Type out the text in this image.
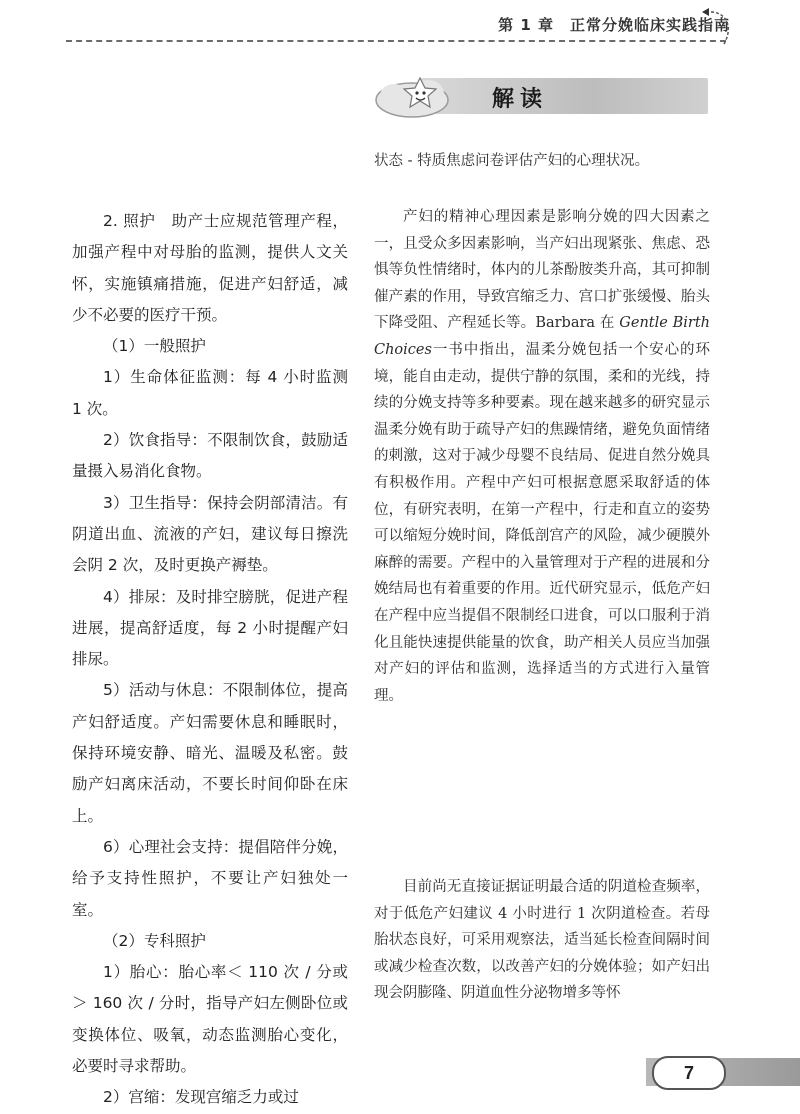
第 1 章　正常分娩临床实践指南
解读

2. 照护　助产士应规范管理产程，加强产程中对母胎的监测，提供人文关怀，实施镇痛措施，促进产妇舒适，减少不必要的医疗干预。

（1）一般照护

1）生命体征监测：每 4 小时监测 1 次。

2）饮食指导：不限制饮食，鼓励适量摄入易消化食物。

3）卫生指导：保持会阴部清洁。有阴道出血、流液的产妇，建议每日擦洗会阴 2 次，及时更换产褥垫。

4）排尿：及时排空膀胱，促进产程进展，提高舒适度，每 2 小时提醒产妇排尿。

5）活动与休息：不限制体位，提高产妇舒适度。产妇需要休息和睡眠时，保持环境安静、暗光、温暖及私密。鼓励产妇离床活动，不要长时间仰卧在床上。

6）心理社会支持：提倡陪伴分娩，给予支持性照护，不要让产妇独处一室。

（2）专科照护

1）胎心：胎心率＜ 110 次 / 分或＞ 160 次 / 分时，指导产妇左侧卧位或变换体位、吸氧，动态监测胎心变化，必要时寻求帮助。

2）宫缩：发现宫缩乏力或过

状态 - 特质焦虑问卷评估产妇的心理状况。

产妇的精神心理因素是影响分娩的四大因素之一，且受众多因素影响，当产妇出现紧张、焦虑、恐惧等负性情绪时，体内的儿茶酚胺类升高，其可抑制催产素的作用，导致宫缩乏力、宫口扩张缓慢、胎头下降受阻、产程延长等。Barbara 在 Gentle Birth Choices一书中指出，温柔分娩包括一个安心的环境，能自由走动，提供宁静的氛围，柔和的光线，持续的分娩支持等多种要素。现在越来越多的研究显示温柔分娩有助于疏导产妇的焦躁情绪，避免负面情绪的刺激，这对于减少母婴不良结局、促进自然分娩具有积极作用。产程中产妇可根据意愿采取舒适的体位，有研究表明，在第一产程中，行走和直立的姿势可以缩短分娩时间，降低剖宫产的风险，减少硬膜外麻醉的需要。产程中的入量管理对于产程的进展和分娩结局也有着重要的作用。近代研究显示，低危产妇在产程中应当提倡不限制经口进食，可以口服利于消化且能快速提供能量的饮食，助产相关人员应当加强对产妇的评估和监测，选择适当的方式进行入量管理。

目前尚无直接证据证明最合适的阴道检查频率，对于低危产妇建议 4 小时进行 1 次阴道检查。若母胎状态良好，可采用观察法，适当延长检查间隔时间或减少检查次数，以改善产妇的分娩体验；如产妇出现会阴膨隆、阴道血性分泌物增多等怀

7
